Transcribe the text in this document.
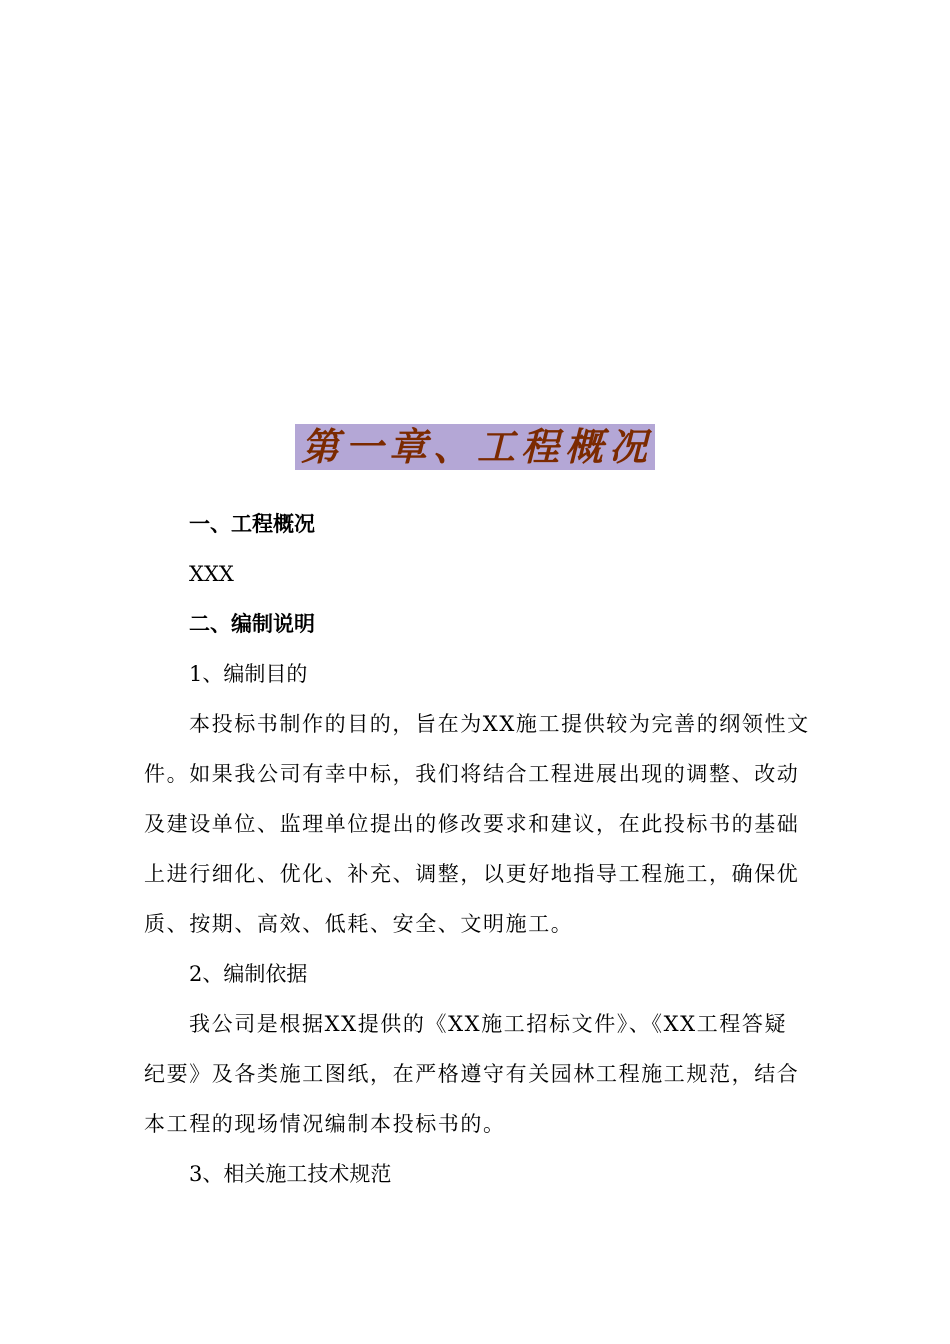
第一章、工程概况
一、工程概况
XXX
二、编制说明
1、编制目的
本投标书制作的目的，旨在为XX施工提供较为完善的纲领性文
件。如果我公司有幸中标，我们将结合工程进展出现的调整、改动
及建设单位、监理单位提出的修改要求和建议，在此投标书的基础
上进行细化、优化、补充、调整，以更好地指导工程施工，确保优
质、按期、高效、低耗、安全、文明施工。
2、编制依据
我公司是根据XX提供的《XX施工招标文件》、《XX工程答疑
纪要》及各类施工图纸，在严格遵守有关园林工程施工规范，结合
本工程的现场情况编制本投标书的。
3、相关施工技术规范
